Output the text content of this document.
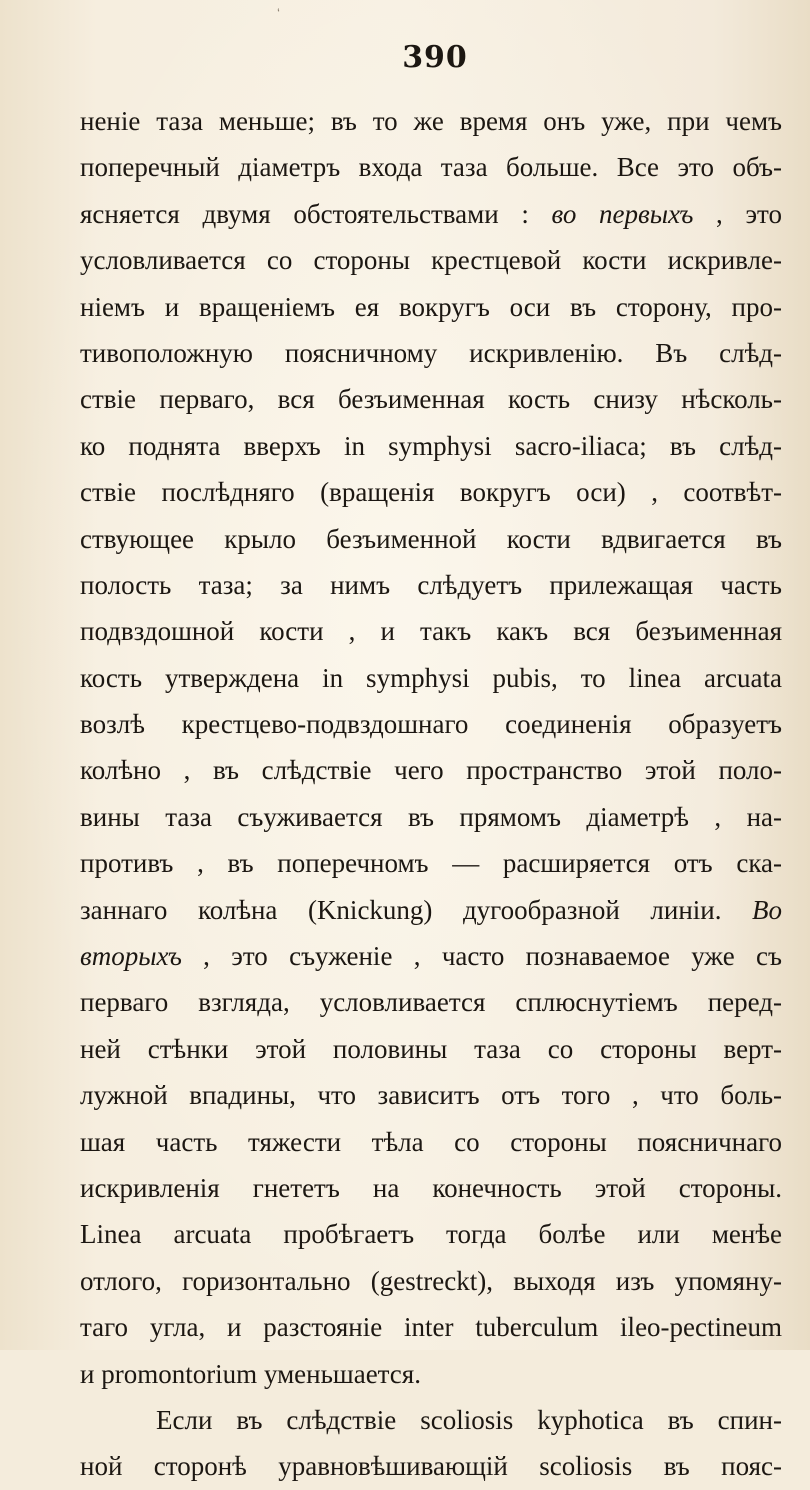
‘
390
неніе таза меньше; въ то же время онъ уже, при чемъ
поперечный діаметръ входа таза больше. Все это объ-
ясняется двумя обстоятельствами : во первыхъ , это
условливается со стороны крестцевой кости искривле-
ніемъ и вращеніемъ ея вокругъ оси въ сторону, про-
тивоположную поясничному искривленію. Въ слѣд-
ствіе перваго, вся безъименная кость снизу нѣсколь-
ко поднята вверхъ in symphysi sacro-iliaca; въ слѣд-
ствіе послѣдняго (вращенія вокругъ оси) , соотвѣт-
ствующее крыло безъименной кости вдвигается въ
полость таза; за нимъ слѣдуетъ прилежащая часть
подвздошной кости , и такъ какъ вся безъименная
кость утверждена in symphysi pubis, то linea arcuata
возлѣ крестцево-подвздошнаго соединенія образуетъ
колѣно , въ слѣдствіе чего пространство этой поло-
вины таза съуживается въ прямомъ діаметрѣ , на-
противъ , въ поперечномъ — расширяется отъ ска-
заннаго колѣна (Knickung) дугообразной линіи. Во
вторыхъ , это съуженіе , часто познаваемое уже съ
перваго взгляда, условливается сплюснутіемъ перед-
ней стѣнки этой половины таза со стороны верт-
лужной впадины, что зависитъ отъ того , что боль-
шая часть тяжести тѣла со стороны поясничнаго
искривленія гнететъ на конечность этой стороны.
Linea arcuata пробѣгаетъ тогда болѣе или менѣе
отлого, горизонтально (gestreckt), выходя изъ упомяну-
таго угла, и разстояніе inter tuberculum ileo-pectineum
и promontorium уменьшается.
Если въ слѣдствіе scoliosis kyphotica въ спин-
ной сторонѣ уравновѣшивающій scoliosis въ пояс-
